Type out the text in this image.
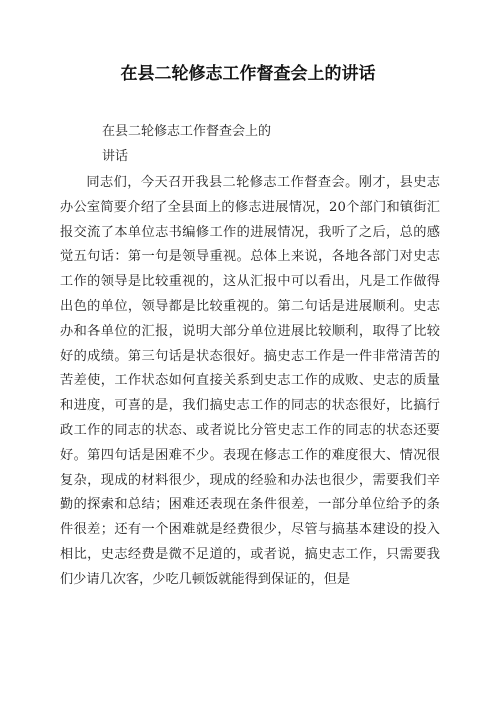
在县二轮修志工作督查会上的讲话
在县二轮修志工作督查会上的
讲话

同志们，今天召开我县二轮修志工作督查会。刚才，县史志办公室简要介绍了全县面上的修志进展情况，20个部门和镇街汇报交流了本单位志书编修工作的进展情况，我听了之后，总的感觉五句话：第一句是领导重视。总体上来说，各地各部门对史志工作的领导是比较重视的，这从汇报中可以看出，凡是工作做得出色的单位，领导都是比较重视的。第二句话是进展顺利。史志办和各单位的汇报，说明大部分单位进展比较顺利，取得了比较好的成绩。第三句话是状态很好。搞史志工作是一件非常清苦的苦差使，工作状态如何直接关系到史志工作的成败、史志的质量和进度，可喜的是，我们搞史志工作的同志的状态很好，比搞行政工作的同志的状态、或者说比分管史志工作的同志的状态还要好。第四句话是困难不少。表现在修志工作的难度很大、情况很复杂，现成的材料很少，现成的经验和办法也很少，需要我们辛勤的探索和总结；困难还表现在条件很差，一部分单位给予的条件很差；还有一个困难就是经费很少，尽管与搞基本建设的投入相比，史志经费是微不足道的，或者说，搞史志工作，只需要我们少请几次客，少吃几顿饭就能得到保证的，但是
